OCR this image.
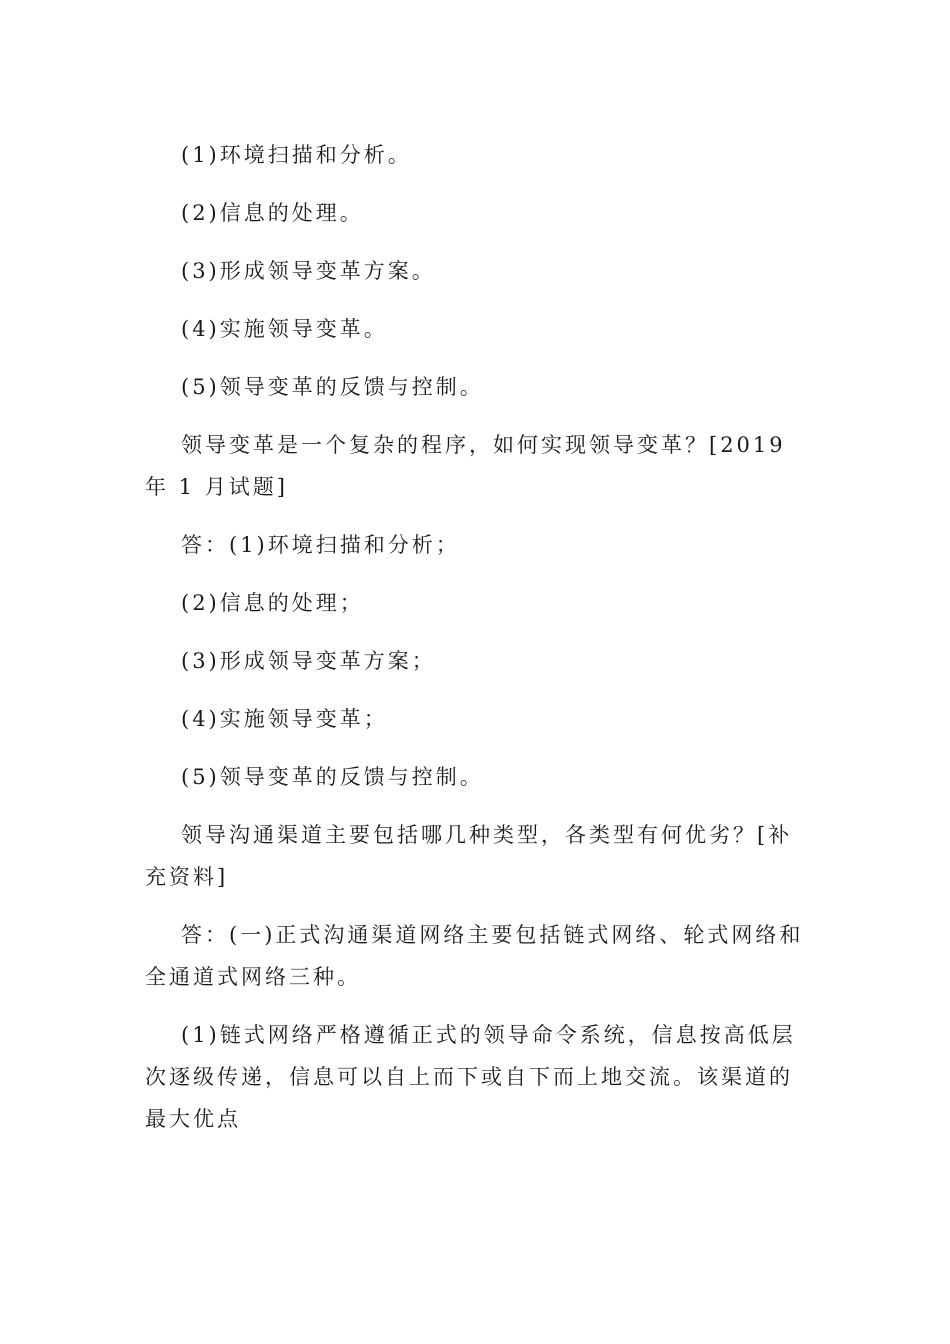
(1)环境扫描和分析。

(2)信息的处理。

(3)形成领导变革方案。

(4)实施领导变革。

(5)领导变革的反馈与控制。

领导变革是一个复杂的程序，如何实现领导变革？[2019 年 1 月试题]

答：(1)环境扫描和分析；

(2)信息的处理；

(3)形成领导变革方案；

(4)实施领导变革；

(5)领导变革的反馈与控制。

领导沟通渠道主要包括哪几种类型，各类型有何优劣？[补充资料]

答：(一)正式沟通渠道网络主要包括链式网络、轮式网络和全通道式网络三种。

(1)链式网络严格遵循正式的领导命令系统，信息按高低层次逐级传递，信息可以自上而下或自下而上地交流。该渠道的最大优点
